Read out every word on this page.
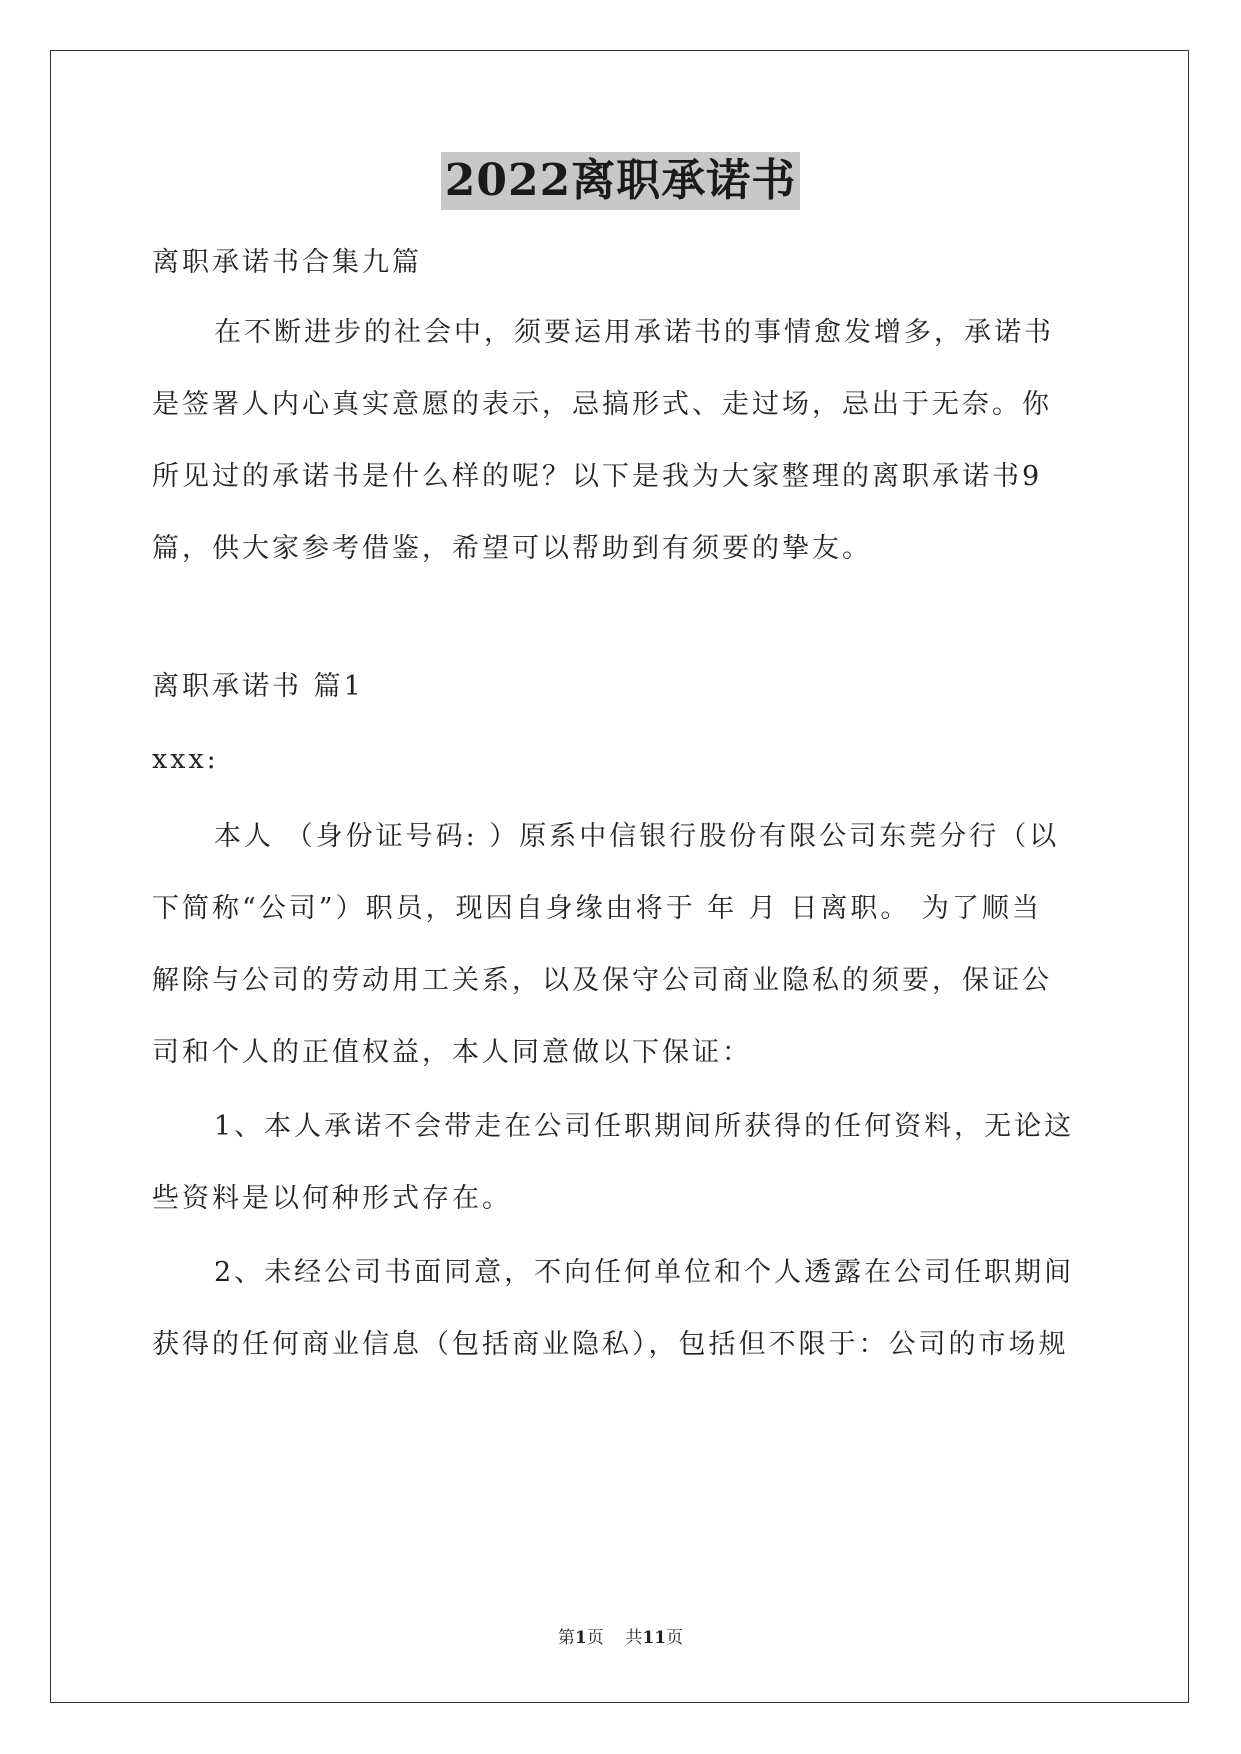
2022离职承诺书
离职承诺书合集九篇
在不断进步的社会中，须要运用承诺书的事情愈发增多，承诺书
是签署人内心真实意愿的表示，忌搞形式、走过场，忌出于无奈。你
所见过的承诺书是什么样的呢？以下是我为大家整理的离职承诺书9
篇，供大家参考借鉴，希望可以帮助到有须要的挚友。
离职承诺书 篇1
xxx:
本人 （身份证号码: ）原系中信银行股份有限公司东莞分行（以
下简称“公司”）职员，现因自身缘由将于 年 月 日离职。 为了顺当
解除与公司的劳动用工关系，以及保守公司商业隐私的须要，保证公
司和个人的正值权益，本人同意做以下保证：
1、本人承诺不会带走在公司任职期间所获得的任何资料，无论这
些资料是以何种形式存在。
2、未经公司书面同意，不向任何单位和个人透露在公司任职期间
获得的任何商业信息（包括商业隐私），包括但不限于：公司的市场规
第1页 共11页
